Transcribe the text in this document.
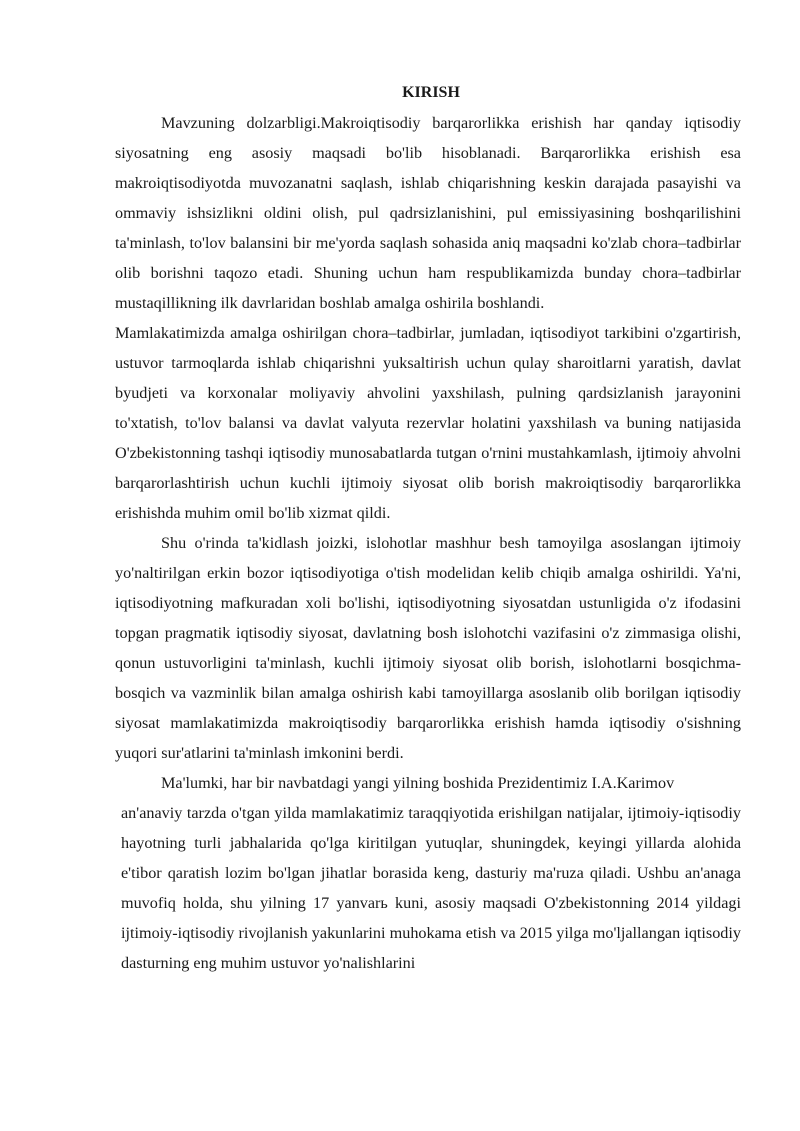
KIRISH

Mavzuning dolzarbligi.Makroiqtisodiy barqarorlikka erishish har qanday iqtisodiy siyosatning eng asosiy maqsadi bo'lib hisoblanadi. Barqarorlikka erishish esa makroiqtisodiyotda muvozanatni saqlash, ishlab chiqarishning keskin darajada pasayishi va ommaviy ishsizlikni oldini olish, pul qadrsizlanishini, pul emissiyasining boshqarilishini ta'minlash, to'lov balansini bir me'yorda saqlash sohasida aniq maqsadni ko'zlab chora–tadbirlar olib borishni taqozo etadi. Shuning uchun ham respublikamizda bunday chora–tadbirlar mustaqillikning ilk davrlaridan boshlab amalga oshirila boshlandi.

Mamlakatimizda amalga oshirilgan chora–tadbirlar, jumladan, iqtisodiyot tarkibini o'zgartirish, ustuvor tarmoqlarda ishlab chiqarishni yuksaltirish uchun qulay sharoitlarni yaratish, davlat byudjeti va korxonalar moliyaviy ahvolini yaxshilash, pulning qardsizlanish jarayonini to'xtatish, to'lov balansi va davlat valyuta rezervlar holatini yaxshilash va buning natijasida O'zbekistonning tashqi iqtisodiy munosabatlarda tutgan o'rnini mustahkamlash, ijtimoiy ahvolni barqarorlashtirish uchun kuchli ijtimoiy siyosat olib borish makroiqtisodiy barqarorlikka erishishda muhim omil bo'lib xizmat qildi.

Shu o'rinda ta'kidlash joizki, islohotlar mashhur besh tamoyilga asoslangan ijtimoiy yo'naltirilgan erkin bozor iqtisodiyotiga o'tish modelidan kelib chiqib amalga oshirildi. Ya'ni, iqtisodiyotning mafkuradan xoli bo'lishi, iqtisodiyotning siyosatdan ustunligida o'z ifodasini topgan pragmatik iqtisodiy siyosat, davlatning bosh islohotchi vazifasini o'z zimmasiga olishi, qonun ustuvorligini ta'minlash, kuchli ijtimoiy siyosat olib borish, islohotlarni bosqichma-bosqich va vazminlik bilan amalga oshirish kabi tamoyillarga asoslanib olib borilgan iqtisodiy siyosat mamlakatimizda makroiqtisodiy barqarorlikka erishish hamda iqtisodiy o'sishning yuqori sur'atlarini ta'minlash imkonini berdi.

Ma'lumki, har bir navbatdagi yangi yilning boshida Prezidentimiz I.A.Karimov

an'anaviy tarzda o'tgan yilda mamlakatimiz taraqqiyotida erishilgan natijalar, ijtimoiy-iqtisodiy hayotning turli jabhalarida qo'lga kiritilgan yutuqlar, shuningdek, keyingi yillarda alohida e'tibor qaratish lozim bo'lgan jihatlar borasida keng, dasturiy ma'ruza qiladi. Ushbu an'anaga muvofiq holda, shu yilning 17 yanvarь kuni, asosiy maqsadi O'zbekistonning 2014 yildagi ijtimoiy-iqtisodiy rivojlanish yakunlarini muhokama etish va 2015 yilga mo'ljallangan iqtisodiy dasturning eng muhim ustuvor yo'nalishlarini
